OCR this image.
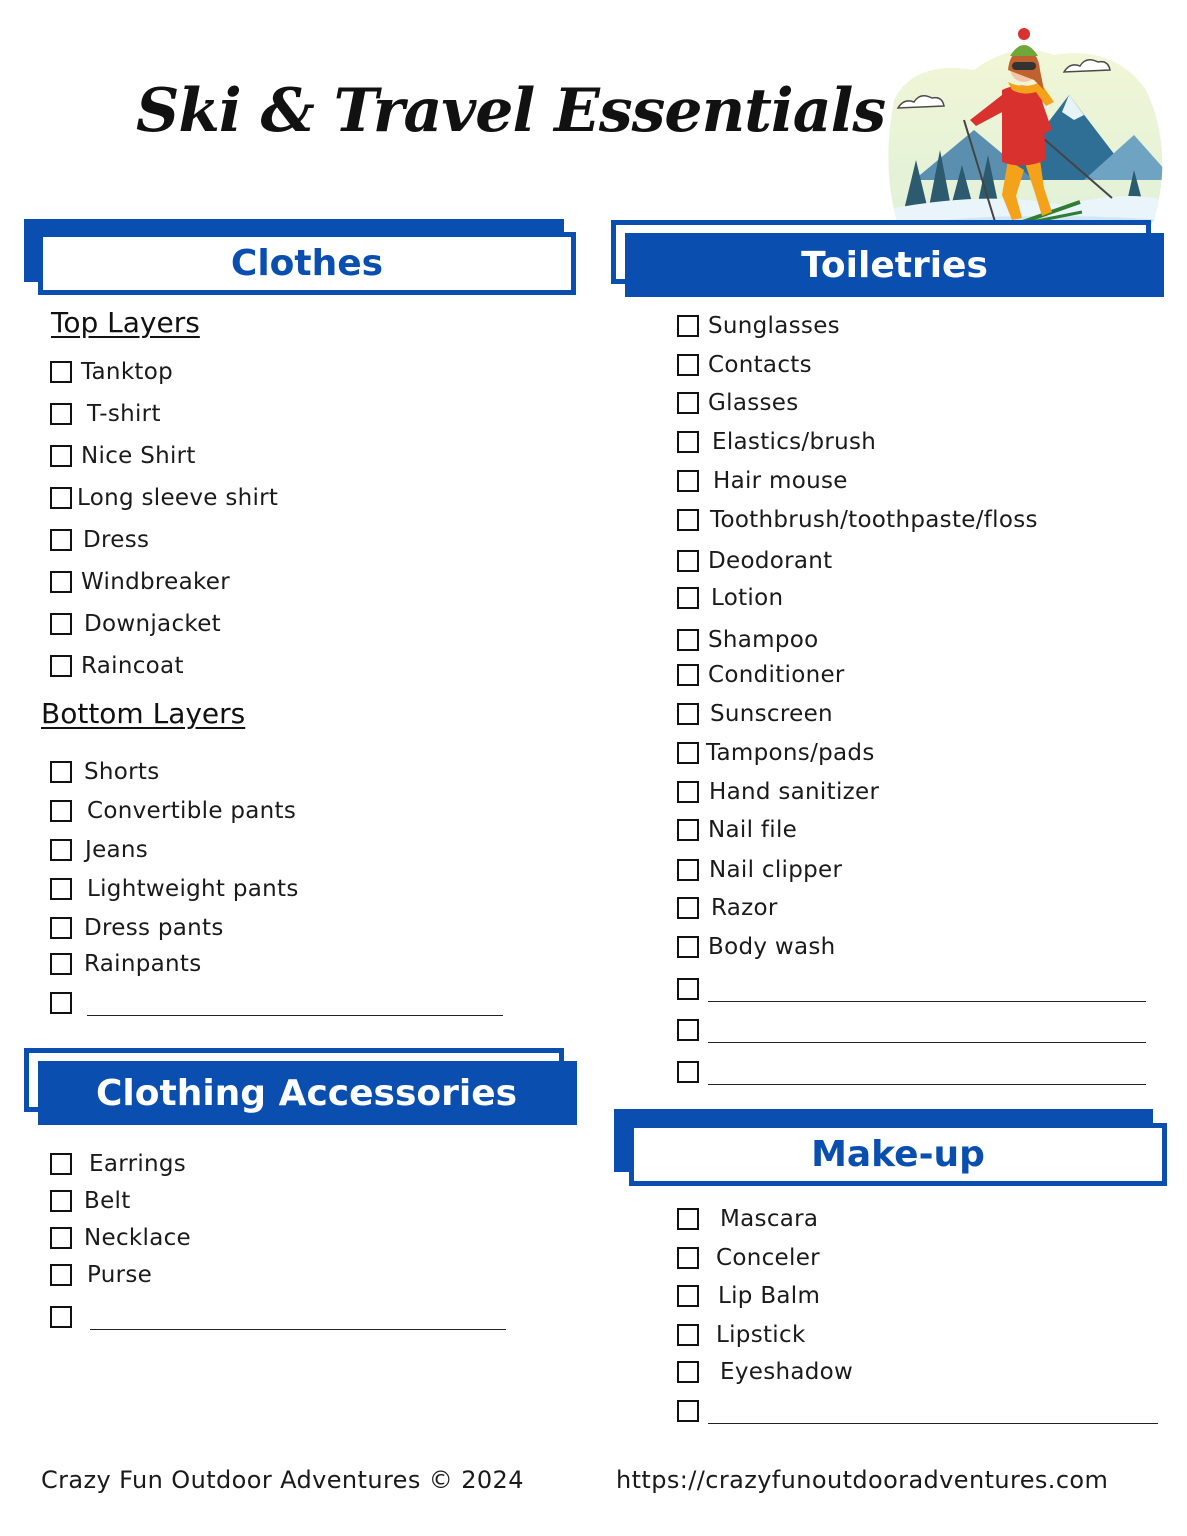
Ski & Travel Essentials
Clothes
Top Layers
Tanktop
T-shirt
Nice Shirt
Long sleeve shirt
Dress
Windbreaker
Downjacket
Raincoat
Bottom Layers
Shorts
Convertible pants
Jeans
Lightweight pants
Dress pants
Rainpants
Clothing Accessories
Earrings
Belt
Necklace
Purse
Toiletries
Sunglasses
Contacts
Glasses
Elastics/brush
Hair mouse
Toothbrush/toothpaste/floss
Deodorant
Lotion
Shampoo
Conditioner
Sunscreen
Tampons/pads
Hand sanitizer
Nail file
Nail clipper
Razor
Body wash
Make-up
Mascara
Conceler
Lip Balm
Lipstick
Eyeshadow
Crazy Fun Outdoor Adventures © 2024	https://crazyfunoutdooradventures.com
